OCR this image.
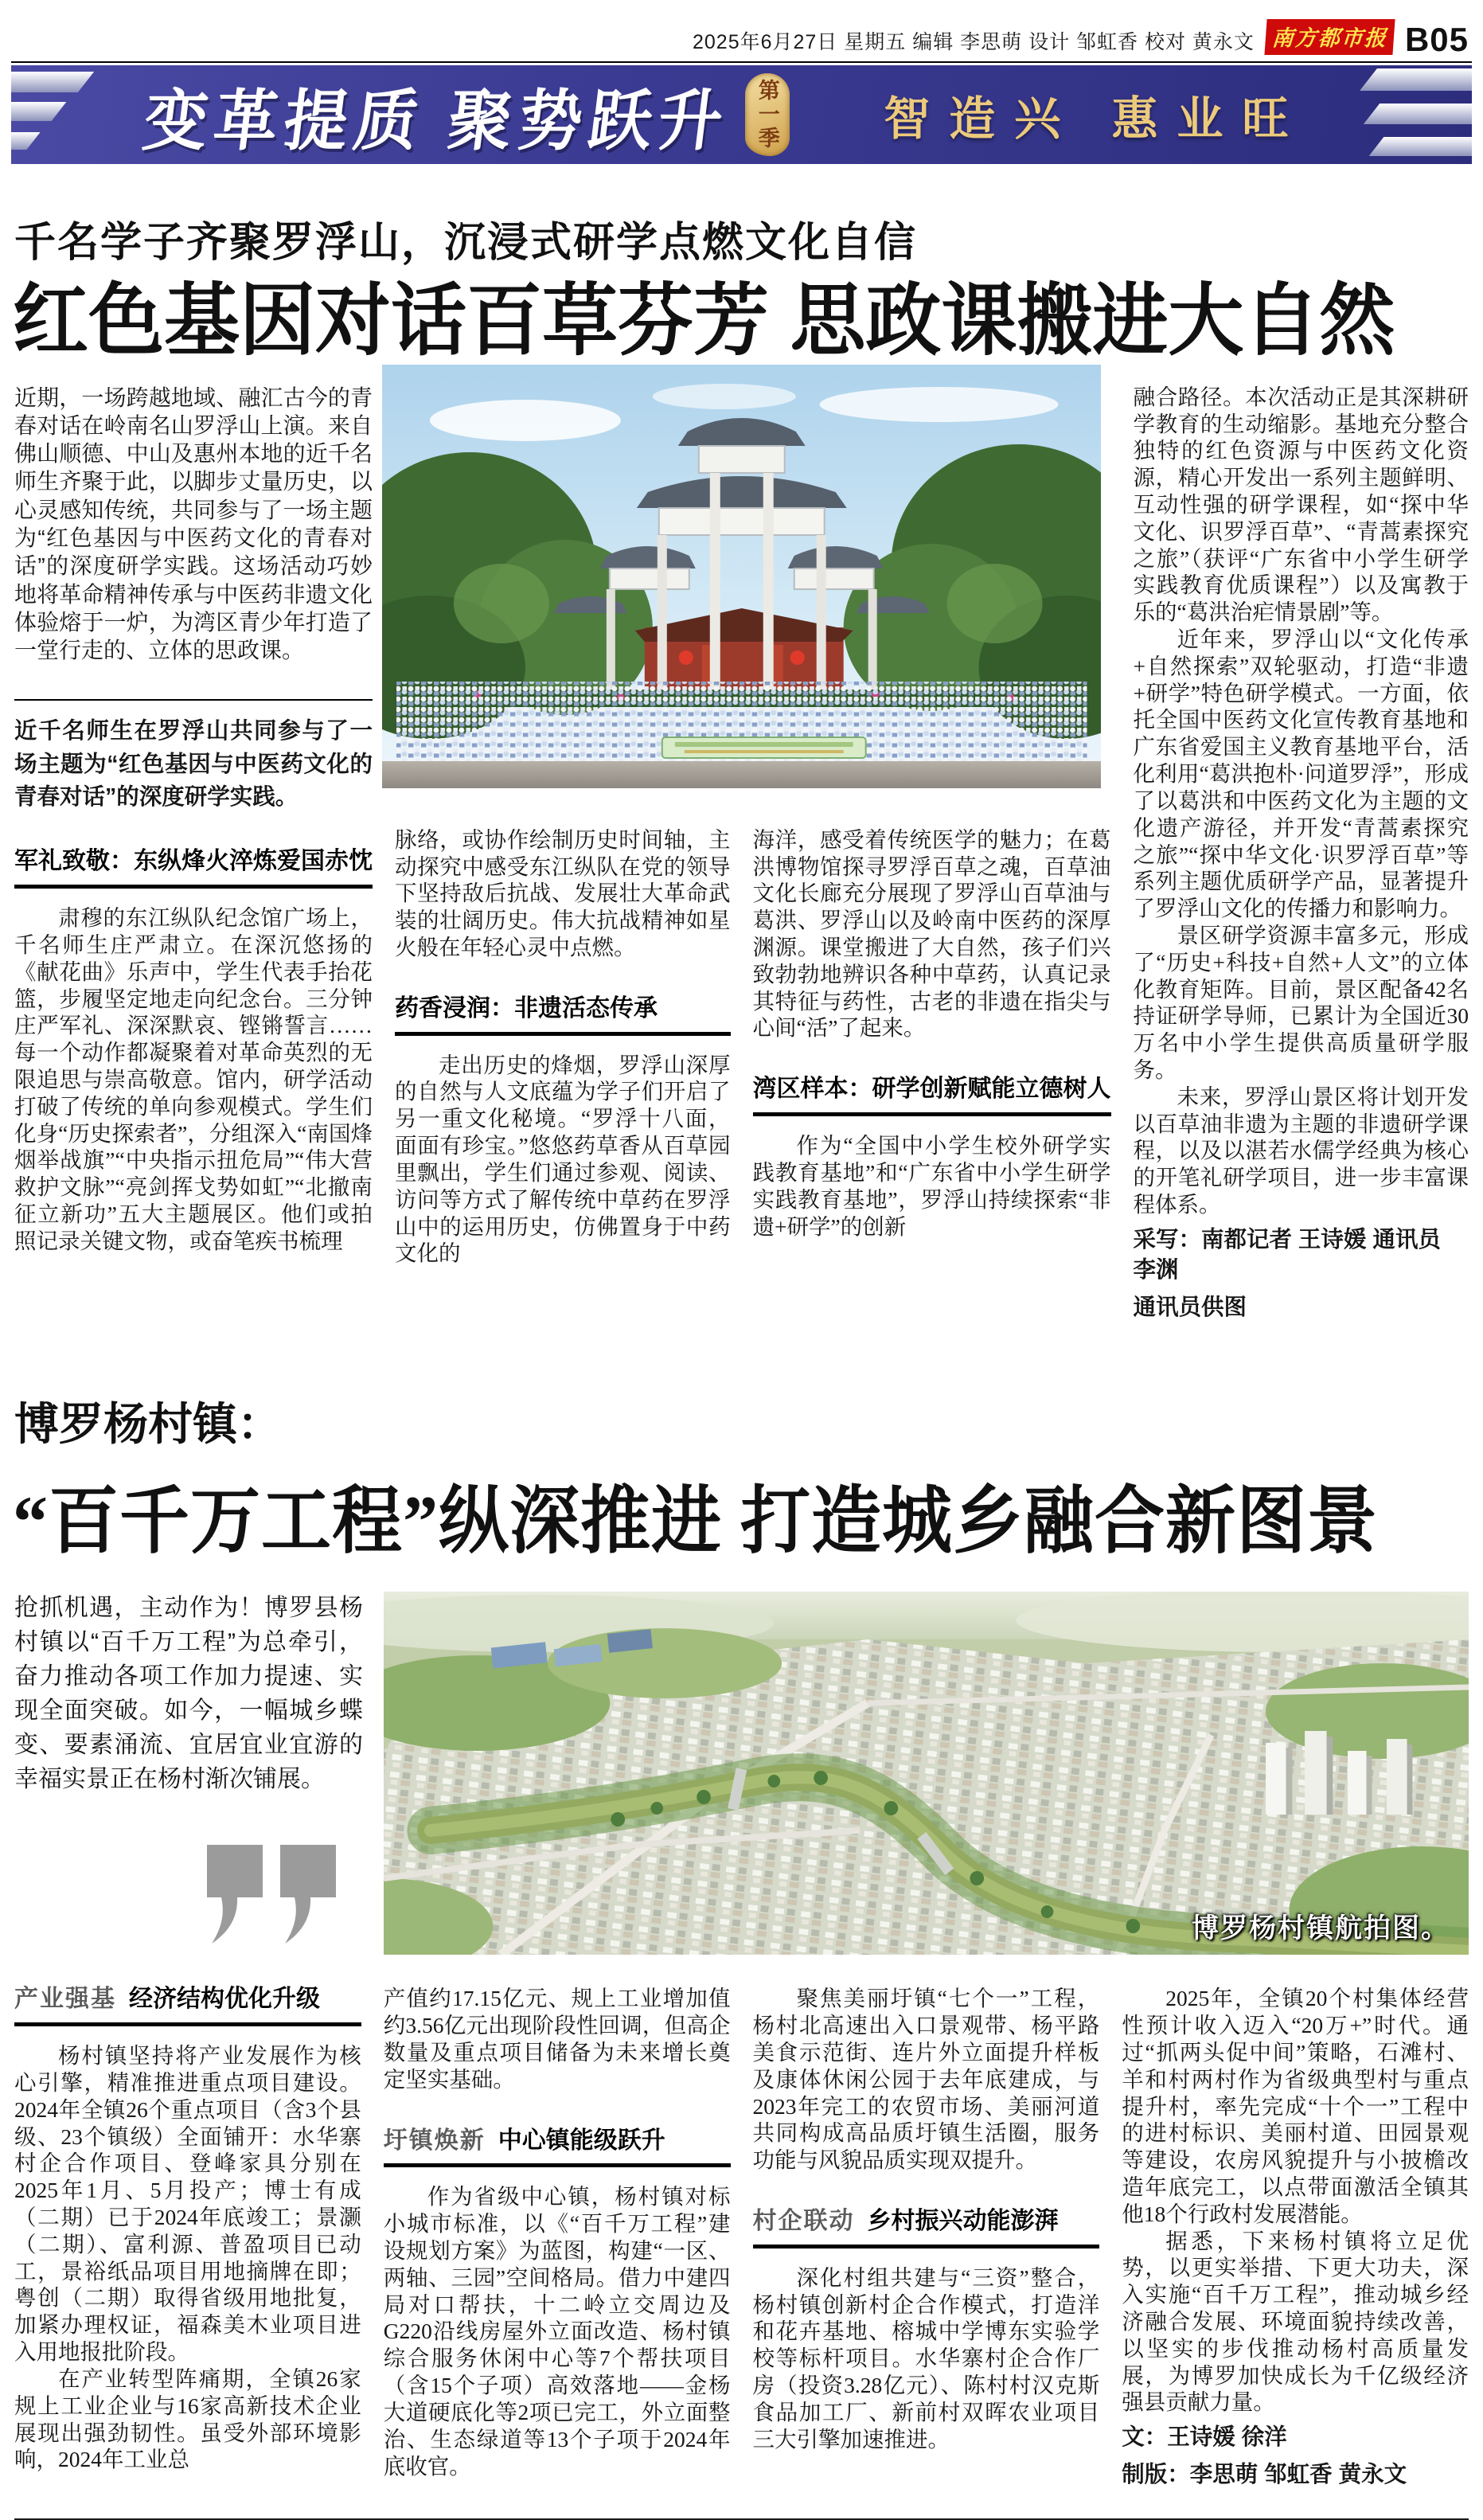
2025年6月27日 星期五 编辑 李思萌 设计 邹虹香 校对 黄永文 南方都市报 B05
变革提质 聚势跃升 第一季 智造兴 惠业旺
千名学子齐聚罗浮山，沉浸式研学点燃文化自信
红色基因对话百草芬芳 思政课搬进大自然

近期，一场跨越地域、融汇古今的青春对话在岭南名山罗浮山上演。来自佛山顺德、中山及惠州本地的近千名师生齐聚于此，以脚步丈量历史，以心灵感知传统，共同参与了一场主题为“红色基因与中医药文化的青春对话”的深度研学实践。这场活动巧妙地将革命精神传承与中医药非遗文化体验熔于一炉，为湾区青少年打造了一堂行走的、立体的思政课。

近千名师生在罗浮山共同参与了一场主题为“红色基因与中医药文化的青春对话”的深度研学实践。

军礼致敬：东纵烽火淬炼爱国赤忱

肃穆的东江纵队纪念馆广场上，千名师生庄严肃立。在深沉悠扬的《献花曲》乐声中，学生代表手抬花篮，步履坚定地走向纪念台。三分钟庄严军礼、深深默哀、铿锵誓言……每一个动作都凝聚着对革命英烈的无限追思与崇高敬意。馆内，研学活动打破了传统的单向参观模式。学生们化身“历史探索者”，分组深入“南国烽烟举战旗”“中央指示扭危局”“伟大营救护文脉”“亮剑挥戈势如虹”“北撤南征立新功”五大主题展区。他们或拍照记录关键文物，或奋笔疾书梳理

脉络，或协作绘制历史时间轴，主动探究中感受东江纵队在党的领导下坚持敌后抗战、发展壮大革命武装的壮阔历史。伟大抗战精神如星火般在年轻心灵中点燃。

药香浸润：非遗活态传承

走出历史的烽烟，罗浮山深厚的自然与人文底蕴为学子们开启了另一重文化秘境。“罗浮十八面，面面有珍宝。”悠悠药草香从百草园里飘出，学生们通过参观、阅读、访问等方式了解传统中草药在罗浮山中的运用历史，仿佛置身于中药文化的

海洋，感受着传统医学的魅力；在葛洪博物馆探寻罗浮百草之魂，百草油文化长廊充分展现了罗浮山百草油与葛洪、罗浮山以及岭南中医药的深厚渊源。课堂搬进了大自然，孩子们兴致勃勃地辨识各种中草药，认真记录其特征与药性，古老的非遗在指尖与心间“活”了起来。

湾区样本：研学创新赋能立德树人

作为“全国中小学生校外研学实践教育基地”和“广东省中小学生研学实践教育基地”，罗浮山持续探索“非遗+研学”的创新

融合路径。本次活动正是其深耕研学教育的生动缩影。基地充分整合独特的红色资源与中医药文化资源，精心开发出一系列主题鲜明、互动性强的研学课程，如“探中华文化、识罗浮百草”、“青蒿素探究之旅”（获评“广东省中小学生研学实践教育优质课程”）以及寓教于乐的“葛洪治疟情景剧”等。

近年来，罗浮山以“文化传承+自然探索”双轮驱动，打造“非遗+研学”特色研学模式。一方面，依托全国中医药文化宣传教育基地和广东省爱国主义教育基地平台，活化利用“葛洪抱朴·问道罗浮”，形成了以葛洪和中医药文化为主题的文化遗产游径，并开发“青蒿素探究之旅”“探中华文化·识罗浮百草”等系列主题优质研学产品，显著提升了罗浮山文化的传播力和影响力。

景区研学资源丰富多元，形成了“历史+科技+自然+人文”的立体化教育矩阵。目前，景区配备42名持证研学导师，已累计为全国近30万名中小学生提供高质量研学服务。

未来，罗浮山景区将计划开发以百草油非遗为主题的非遗研学课程，以及以湛若水儒学经典为核心的开笔礼研学项目，进一步丰富课程体系。

采写：南都记者 王诗媛 通讯员 李渊
通讯员供图
博罗杨村镇：
“百千万工程”纵深推进 打造城乡融合新图景

抢抓机遇，主动作为！博罗县杨村镇以“百千万工程”为总牵引，奋力推动各项工作加力提速、实现全面突破。如今，一幅城乡蝶变、要素涌流、宜居宜业宜游的幸福实景正在杨村渐次铺展。

博罗杨村镇航拍图。
产业强基 经济结构优化升级

杨村镇坚持将产业发展作为核心引擎，精准推进重点项目建设。2024年全镇26个重点项目（含3个县级、23个镇级）全面铺开：水华寨村企合作项目、登峰家具分别在2025年1月、5月投产；博士有成（二期）已于2024年底竣工；景灏（二期）、富利源、普盈项目已动工，景裕纸品项目用地摘牌在即；粤创（二期）取得省级用地批复，加紧办理权证，福森美木业项目进入用地报批阶段。

在产业转型阵痛期，全镇26家规上工业企业与16家高新技术企业展现出强劲韧性。虽受外部环境影响，2024年工业总

产值约17.15亿元、规上工业增加值约3.56亿元出现阶段性回调，但高企数量及重点项目储备为未来增长奠定坚实基础。

圩镇焕新 中心镇能级跃升

作为省级中心镇，杨村镇对标小城市标准，以《“百千万工程”建设规划方案》为蓝图，构建“一区、两轴、三园”空间格局。借力中建四局对口帮扶，十二岭立交周边及G220沿线房屋外立面改造、杨村镇综合服务休闲中心等7个帮扶项目（含15个子项）高效落地——金杨大道硬底化等2项已完工，外立面整治、生态绿道等13个子项于2024年底收官。

聚焦美丽圩镇“七个一”工程，杨村北高速出入口景观带、杨平路美食示范街、连片外立面提升样板及康体休闲公园于去年底建成，与2023年完工的农贸市场、美丽河道共同构成高品质圩镇生活圈，服务功能与风貌品质实现双提升。

村企联动 乡村振兴动能澎湃

深化村组共建与“三资”整合，杨村镇创新村企合作模式，打造洋和花卉基地、榕城中学博东实验学校等标杆项目。水华寨村企合作厂房（投资3.28亿元）、陈村村汉克斯食品加工厂、新前村双晖农业项目三大引擎加速推进。

2025年，全镇20个村集体经营性预计收入迈入“20万+”时代。通过“抓两头促中间”策略，石滩村、羊和村两村作为省级典型村与重点提升村，率先完成“十个一”工程中的进村标识、美丽村道、田园景观等建设，农房风貌提升与小披檐改造年底完工，以点带面激活全镇其他18个行政村发展潜能。

据悉，下来杨村镇将立足优势，以更实举措、下更大功夫，深入实施“百千万工程”，推动城乡经济融合发展、环境面貌持续改善，以坚实的步伐推动杨村高质量发展，为博罗加快成长为千亿级经济强县贡献力量。

文：王诗媛 徐洋
制版：李思萌 邹虹香 黄永文
